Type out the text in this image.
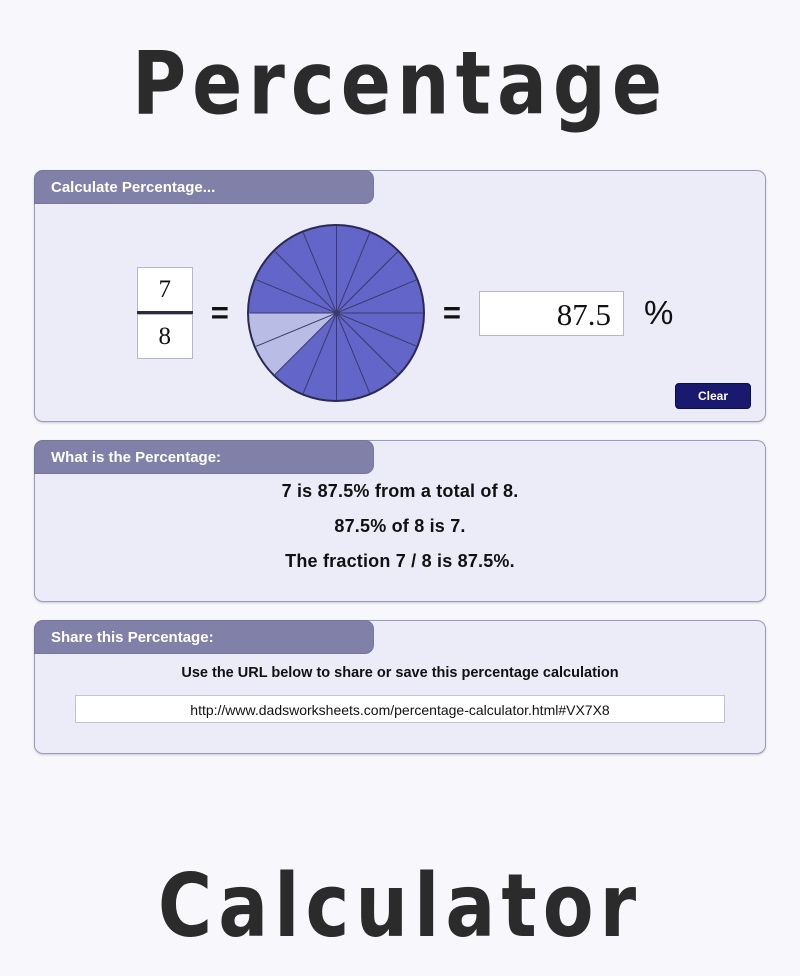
Percentage
Calculate Percentage...
$\frac{7}{8}$ =	=	87.5	%
Clear
What is the Percentage:

7 is 87.5% from a total of 8.

87.5% of 8 is 7.

The fraction 7 / 8 is 87.5%.

Share this Percentage:
Use the URL below to share or save this percentage calculation
http://www.dadsworksheets.com/percentage-calculator.html#VX7X8
Calculator
